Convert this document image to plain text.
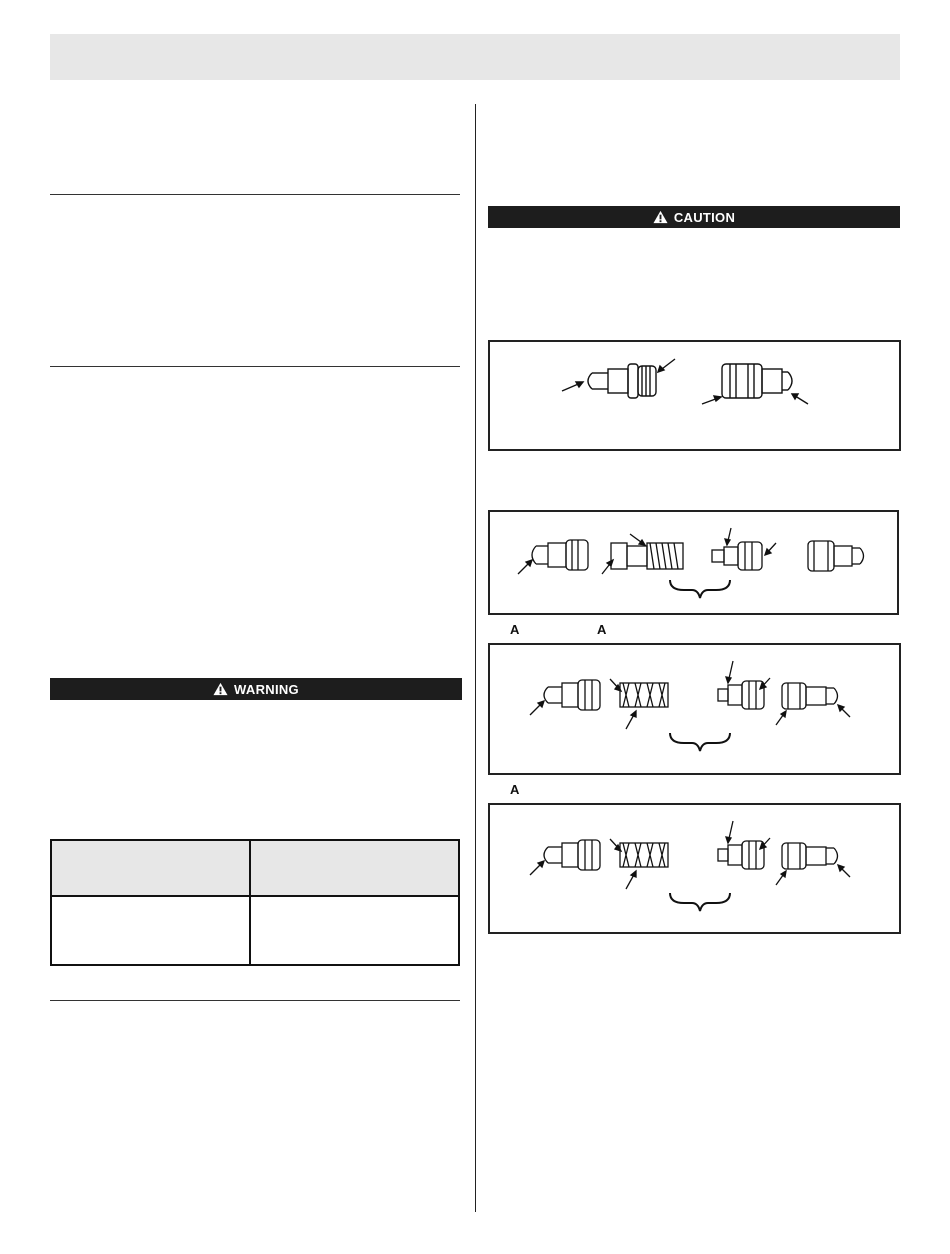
WARNING
CAUTION
A	A
A
